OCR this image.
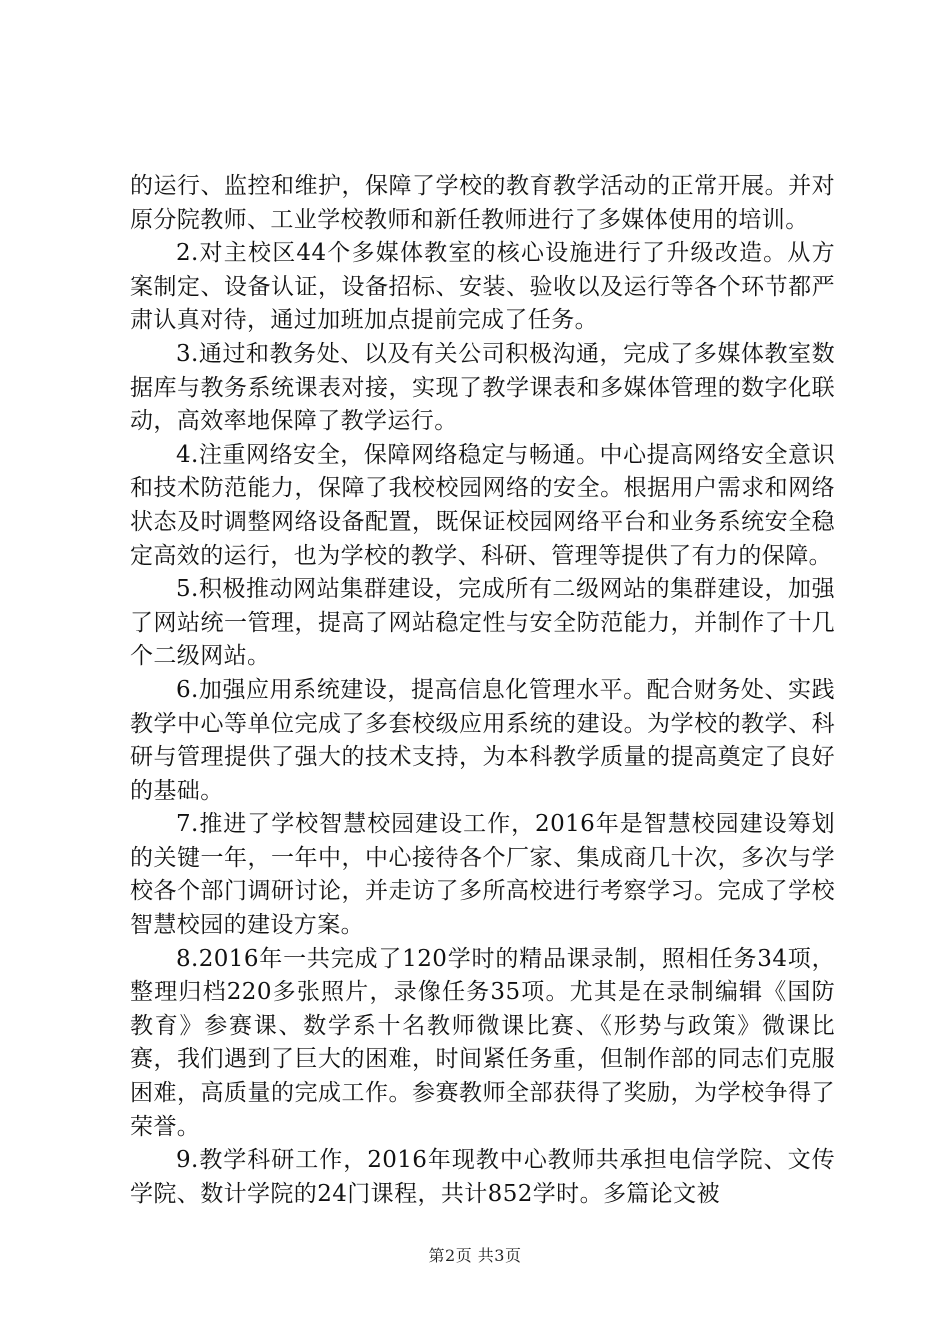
的运行、监控和维护，保障了学校的教育教学活动的正常开展。并对原分院教师、工业学校教师和新任教师进行了多媒体使用的培训。

2.对主校区44个多媒体教室的核心设施进行了升级改造。从方案制定、设备认证，设备招标、安装、验收以及运行等各个环节都严肃认真对待，通过加班加点提前完成了任务。

3.通过和教务处、以及有关公司积极沟通，完成了多媒体教室数据库与教务系统课表对接，实现了教学课表和多媒体管理的数字化联动，高效率地保障了教学运行。

4.注重网络安全，保障网络稳定与畅通。中心提高网络安全意识和技术防范能力，保障了我校校园网络的安全。根据用户需求和网络状态及时调整网络设备配置，既保证校园网络平台和业务系统安全稳定高效的运行，也为学校的教学、科研、管理等提供了有力的保障。

5.积极推动网站集群建设，完成所有二级网站的集群建设，加强了网站统一管理，提高了网站稳定性与安全防范能力，并制作了十几个二级网站。

6.加强应用系统建设，提高信息化管理水平。配合财务处、实践教学中心等单位完成了多套校级应用系统的建设。为学校的教学、科研与管理提供了强大的技术支持，为本科教学质量的提高奠定了良好的基础。

7.推进了学校智慧校园建设工作，2016年是智慧校园建设筹划的关键一年，一年中，中心接待各个厂家、集成商几十次，多次与学校各个部门调研讨论，并走访了多所高校进行考察学习。完成了学校智慧校园的建设方案。

8.2016年一共完成了120学时的精品课录制，照相任务34项，整理归档220多张照片，录像任务35项。尤其是在录制编辑《国防教育》参赛课、数学系十名教师微课比赛、《形势与政策》微课比赛，我们遇到了巨大的困难，时间紧任务重，但制作部的同志们克服困难，高质量的完成工作。参赛教师全部获得了奖励，为学校争得了荣誉。

9.教学科研工作，2016年现教中心教师共承担电信学院、文传学院、数计学院的24门课程，共计852学时。多篇论文被

第2页 共3页
